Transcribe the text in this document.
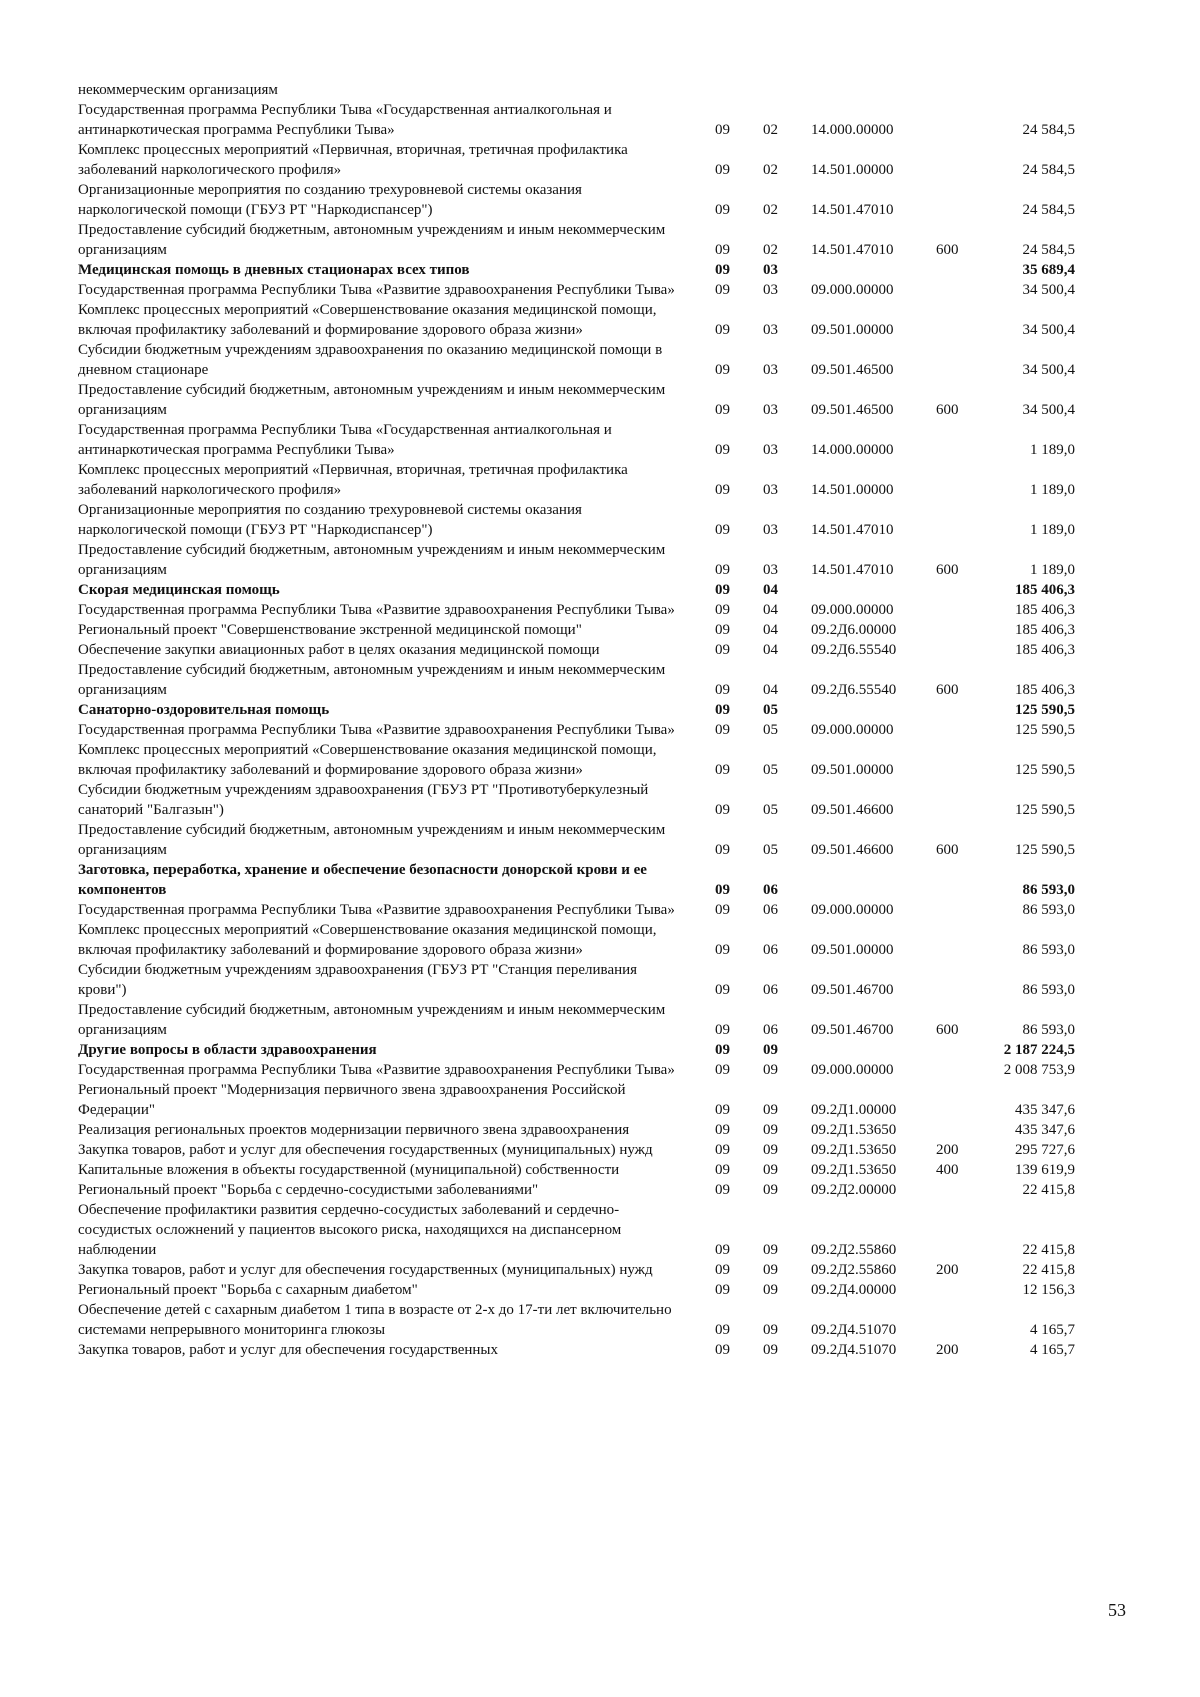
некоммерческим организациям
Государственная программа Республики Тыва «Государственная антиалкогольная и антинаркотическая программа Республики Тыва»	09	02	14.000.00000	24 584,5
Комплекс процессных мероприятий «Первичная, вторичная, третичная профилактика заболеваний наркологического профиля»	09	02	14.501.00000	24 584,5
Организационные мероприятия по созданию трехуровневой системы оказания наркологической помощи (ГБУЗ РТ "Наркодиспансер")	09	02	14.501.47010	24 584,5
Предоставление субсидий бюджетным, автономным учреждениям и иным некоммерческим организациям	09	02	14.501.47010	600	24 584,5
Медицинская помощь в дневных стационарах всех типов	09	03	35 689,4
Государственная программа Республики Тыва «Развитие здравоохранения Республики Тыва»	09	03	09.000.00000	34 500,4
Комплекс процессных мероприятий «Совершенствование оказания медицинской помощи, включая профилактику заболеваний и формирование здорового образа жизни»	09	03	09.501.00000	34 500,4
Субсидии бюджетным учреждениям здравоохранения по оказанию медицинской помощи в дневном стационаре	09	03	09.501.46500	34 500,4
Предоставление субсидий бюджетным, автономным учреждениям и иным некоммерческим организациям	09	03	09.501.46500	600	34 500,4
Государственная программа Республики Тыва «Государственная антиалкогольная и антинаркотическая программа Республики Тыва»	09	03	14.000.00000	1 189,0
Комплекс процессных мероприятий «Первичная, вторичная, третичная профилактика заболеваний наркологического профиля»	09	03	14.501.00000	1 189,0
Организационные мероприятия по созданию трехуровневой системы оказания наркологической помощи (ГБУЗ РТ "Наркодиспансер")	09	03	14.501.47010	1 189,0
Предоставление субсидий бюджетным, автономным учреждениям и иным некоммерческим организациям	09	03	14.501.47010	600	1 189,0
Скорая медицинская помощь	09	04	185 406,3
Государственная программа Республики Тыва «Развитие здравоохранения Республики Тыва»	09	04	09.000.00000	185 406,3
Региональный проект "Совершенствование экстренной медицинской помощи"	09	04	09.2Д6.00000	185 406,3
Обеспечение закупки авиационных работ в целях оказания медицинской помощи	09	04	09.2Д6.55540	185 406,3
Предоставление субсидий бюджетным, автономным учреждениям и иным некоммерческим организациям	09	04	09.2Д6.55540	600	185 406,3
Санаторно-оздоровительная помощь	09	05	125 590,5
Государственная программа Республики Тыва «Развитие здравоохранения Республики Тыва»	09	05	09.000.00000	125 590,5
Комплекс процессных мероприятий «Совершенствование оказания медицинской помощи, включая профилактику заболеваний и формирование здорового образа жизни»	09	05	09.501.00000	125 590,5
Субсидии бюджетным учреждениям здравоохранения (ГБУЗ РТ "Противотуберкулезный санаторий "Балгазын")	09	05	09.501.46600	125 590,5
Предоставление субсидий бюджетным, автономным учреждениям и иным некоммерческим организациям	09	05	09.501.46600	600	125 590,5
Заготовка, переработка, хранение и обеспечение безопасности донорской крови и ее компонентов	09	06	86 593,0
Государственная программа Республики Тыва «Развитие здравоохранения Республики Тыва»	09	06	09.000.00000	86 593,0
Комплекс процессных мероприятий «Совершенствование оказания медицинской помощи, включая профилактику заболеваний и формирование здорового образа жизни»	09	06	09.501.00000	86 593,0
Субсидии бюджетным учреждениям здравоохранения (ГБУЗ РТ "Станция переливания крови")	09	06	09.501.46700	86 593,0
Предоставление субсидий бюджетным, автономным учреждениям и иным некоммерческим организациям	09	06	09.501.46700	600	86 593,0
Другие вопросы в области здравоохранения	09	09	2 187 224,5
Государственная программа Республики Тыва «Развитие здравоохранения Республики Тыва»	09	09	09.000.00000	2 008 753,9
Региональный проект "Модернизация первичного звена здравоохранения Российской Федерации"	09	09	09.2Д1.00000	435 347,6
Реализация региональных проектов модернизации первичного звена здравоохранения	09	09	09.2Д1.53650	435 347,6
Закупка товаров, работ и услуг для обеспечения государственных (муниципальных) нужд	09	09	09.2Д1.53650	200	295 727,6
Капитальные вложения в объекты государственной (муниципальной) собственности	09	09	09.2Д1.53650	400	139 619,9
Региональный проект "Борьба с сердечно-сосудистыми заболеваниями"	09	09	09.2Д2.00000	22 415,8
Обеспечение профилактики развития сердечно-сосудистых заболеваний и сердечно-сосудистых осложнений у пациентов высокого риска, находящихся на диспансерном наблюдении	09	09	09.2Д2.55860	22 415,8
Закупка товаров, работ и услуг для обеспечения государственных (муниципальных) нужд	09	09	09.2Д2.55860	200	22 415,8
Региональный проект "Борьба с сахарным диабетом"	09	09	09.2Д4.00000	12 156,3
Обеспечение детей с сахарным диабетом 1 типа в возрасте от 2-х до 17-ти лет включительно системами непрерывного мониторинга глюкозы	09	09	09.2Д4.51070	4 165,7
Закупка товаров, работ и услуг для обеспечения государственных	09	09	09.2Д4.51070	200	4 165,7
53
